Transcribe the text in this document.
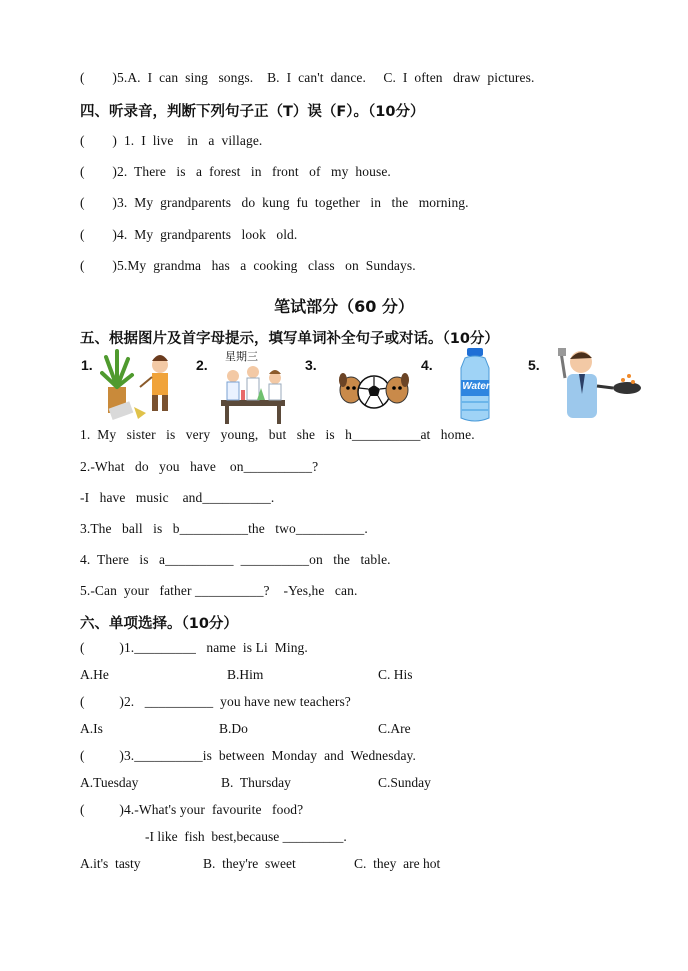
(        )5.A.  I  can  sing   songs.    B.  I  can't  dance.     C.  I  often   draw  pictures.
四、听录音，判断下列句子正（T）误（F）。（10分）
(        )  1.  I  live    in   a  village.
(        )2.  There   is   a  forest   in   front   of   my  house.
(        )3.  My  grandparents   do  kung  fu  together   in   the   morning.
(        )4.  My  grandparents   look   old.
(        )5.My  grandma   has   a  cooking   class   on  Sundays.
笔试部分（60 分）
五、根据图片及首字母提示，填写单词补全句子或对话。（10分）
1.	2.	3.	4.	5.
星期三
Water
1.  My   sister   is   very   young,   but   she   is   h__________at   home.
2.-What   do   you   have    on__________?
-I   have   music    and__________.
3.The   ball   is   b__________the   two__________.
4.  There   is   a__________  __________on   the   table.
5.-Can  your   father __________?    -Yes,he   can.
六、单项选择。（10分）
(          )1._________   name  is Li  Ming.
A.He	B.Him	C. His
(          )2.   __________  you have new teachers?
A.Is	B.Do	C.Are
(          )3.__________is  between  Monday  and  Wednesday.
A.Tuesday	B.  Thursday	C.Sunday
(          )4.-What's your  favourite   food?
-I like  fish  best,because _________.
A.it's  tasty	B.  they're  sweet	C.  they  are hot
